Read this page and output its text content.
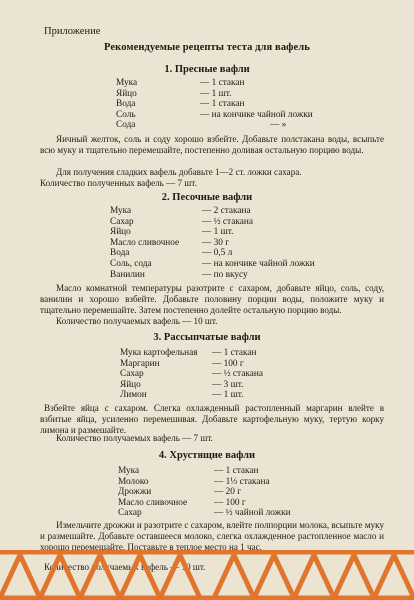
Приложение
Рекомендуемые рецепты теста для вафель
1. Пресные вафли
Мука	— 1 стакан
Яйцо	— 1 шт.
Вода	— 1 стакан
Соль	— на кончике чайной ложки
Сода	— »

Яичный желток, соль и соду хорошо взбейте. Добавьте полстакана воды, всыпьте всю муку и тщательно перемешайте, постепенно доливая остальную порцию воды.

Для получения сладких вафель добавьте 1—2 ст. ложки сахара.

Количество полученных вафель — 7 шт.

2. Песочные вафли
Мука	— 2 стакана
Сахар	— ½ стакана
Яйцо	— 1 шт.
Масло сливочное	— 30 г
Вода	— 0,5 л
Соль, сода	— на кончике чайной ложки
Ванилин	— по вкусу

Масло комнатной температуры разотрите с сахаром, добавьте яйцо, соль, соду, ванилин и хорошо взбейте. Добавьте половину порции воды, положите муку и тщательно перемешайте. Затем постепенно долейте остальную порцию воды.

Количество получаемых вафель — 10 шт.

3. Рассыпчатые вафли
Мука картофельная	— 1 стакан
Маргарин	— 100 г
Сахар	— ½ стакана
Яйцо	— 3 шт.
Лимон	— 1 шт.

Взбейте яйца с сахаром. Слегка охлажденный растопленный маргарин влейте в взбитые яйца, усиленно перемешивая. Добавьте картофельную муку, тертую корку лимона и размешайте.

Количество получаемых вафель — 7 шт.

4. Хрустящие вафли
Мука	— 1 стакан
Молоко	— 1⅓ стакана
Дрожжи	— 20 г
Масло сливочное	— 100 г
Сахар	— ½ чайной ложки

Измельчите дрожжи и разотрите с сахаром, влейте полпорции молока, всыпьте муку и размешайте. Добавьте оставшееся молоко, слегка охлажденное растопленное масло и хорошо перемешайте. Поставьте в теплое место на 1 час.

Количество получаемых вафель — 10 шт.
